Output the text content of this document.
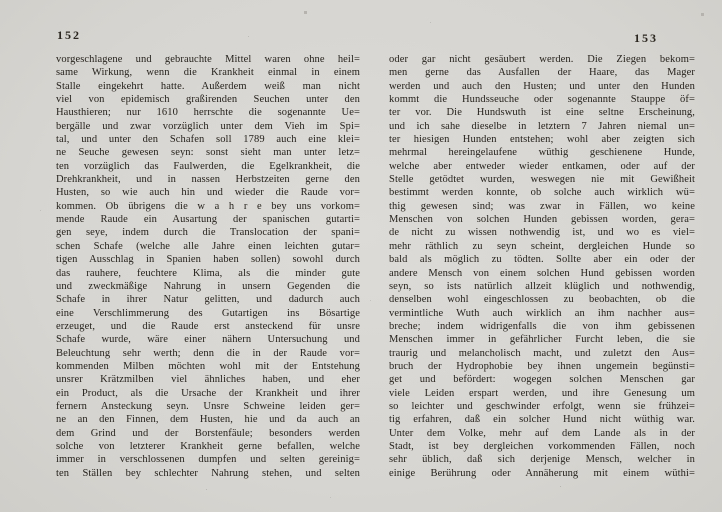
152	153
vorgeschlagene und gebrauchte Mittel waren ohne heil=
same Wirkung, wenn die Krankheit einmal in einem
Stalle eingekehrt hatte. Außerdem weiß man nicht
viel von epidemisch graßirenden Seuchen unter den
Hausthieren; nur 1610 herrschte die sogenannte Ue=
bergälle und zwar vorzüglich unter dem Vieh im Spi=
tal, und unter den Schafen soll 1789 auch eine klei=
ne Seuche gewesen seyn: sonst sieht man unter letz=
ten vorzüglich das Faulwerden, die Egelkrankheit, die
Drehkrankheit, und in nassen Herbstzeiten gerne den
Husten, so wie auch hin und wieder die Raude vor=
kommen. Ob übrigens die w a h r e bey uns vorkom=
mende Raude ein Ausartung der spanischen gutarti=
gen seye, indem durch die Translocation der spani=
schen Schafe (welche alle Jahre einen leichten gutar=
tigen Ausschlag in Spanien haben sollen) sowohl durch
das rauhere, feuchtere Klima, als die minder gute
und zweckmäßige Nahrung in unsern Gegenden die
Schafe in ihrer Natur gelitten, und dadurch auch
eine Verschlimmerung des Gutartigen ins Bösartige
erzeuget, und die Raude erst ansteckend für unsre
Schafe wurde, wäre einer nähern Untersuchung und
Beleuchtung sehr werth; denn die in der Raude vor=
kommenden Milben möchten wohl mit der Entstehung
unsrer Krätzmilben viel ähnliches haben, und eher
ein Product, als die Ursache der Krankheit und ihrer
fernern Ansteckung seyn. Unsre Schweine leiden ger=
ne an den Finnen, dem Husten, hie und da auch an
dem Grind und der Borstenfäule; besonders werden
solche von letzterer Krankheit gerne befallen, welche
immer in verschlossenen dumpfen und selten gereinig=
ten Ställen bey schlechter Nahrung stehen, und selten
oder gar nicht gesäubert werden. Die Ziegen bekom=
men gerne das Ausfallen der Haare, das Mager
werden und auch den Husten; und unter den Hunden
kommt die Hundsseuche oder sogenannte Stauppe öf=
ter vor. Die Hundswuth ist eine seltne Erscheinung,
und ich sahe dieselbe in letztern 7 Jahren niemal un=
ter hiesigen Hunden entstehen; wohl aber zeigten sich
mehrmal hereingelaufene wüthig geschienene Hunde,
welche aber entweder wieder entkamen, oder auf der
Stelle getödtet wurden, weswegen nie mit Gewißheit
bestimmt werden konnte, ob solche auch wirklich wü=
thig gewesen sind; was zwar in Fällen, wo keine
Menschen von solchen Hunden gebissen worden, gera=
de nicht zu wissen nothwendig ist, und wo es viel=
mehr räthlich zu seyn scheint, dergleichen Hunde so
bald als möglich zu tödten. Sollte aber ein oder der
andere Mensch von einem solchen Hund gebissen worden
seyn, so ists natürlich allzeit klüglich und nothwendig,
denselben wohl eingeschlossen zu beobachten, ob die
vermintliche Wuth auch wirklich an ihm nachher aus=
breche; indem widrigenfalls die von ihm gebissenen
Menschen immer in gefährlicher Furcht leben, die sie
traurig und melancholisch macht, und zuletzt den Aus=
bruch der Hydrophobie bey ihnen ungemein begünsti=
get und befördert: wogegen solchen Menschen gar
viele Leiden erspart werden, und ihre Genesung um
so leichter und geschwinder erfolgt, wenn sie frühzei=
tig erfahren, daß ein solcher Hund nicht wüthig war.
Unter dem Volke, mehr auf dem Lande als in der
Stadt, ist bey dergleichen vorkommenden Fällen, noch
sehr üblich, daß sich derjenige Mensch, welcher in
einige Berührung oder Annäherung mit einem wüthi=
